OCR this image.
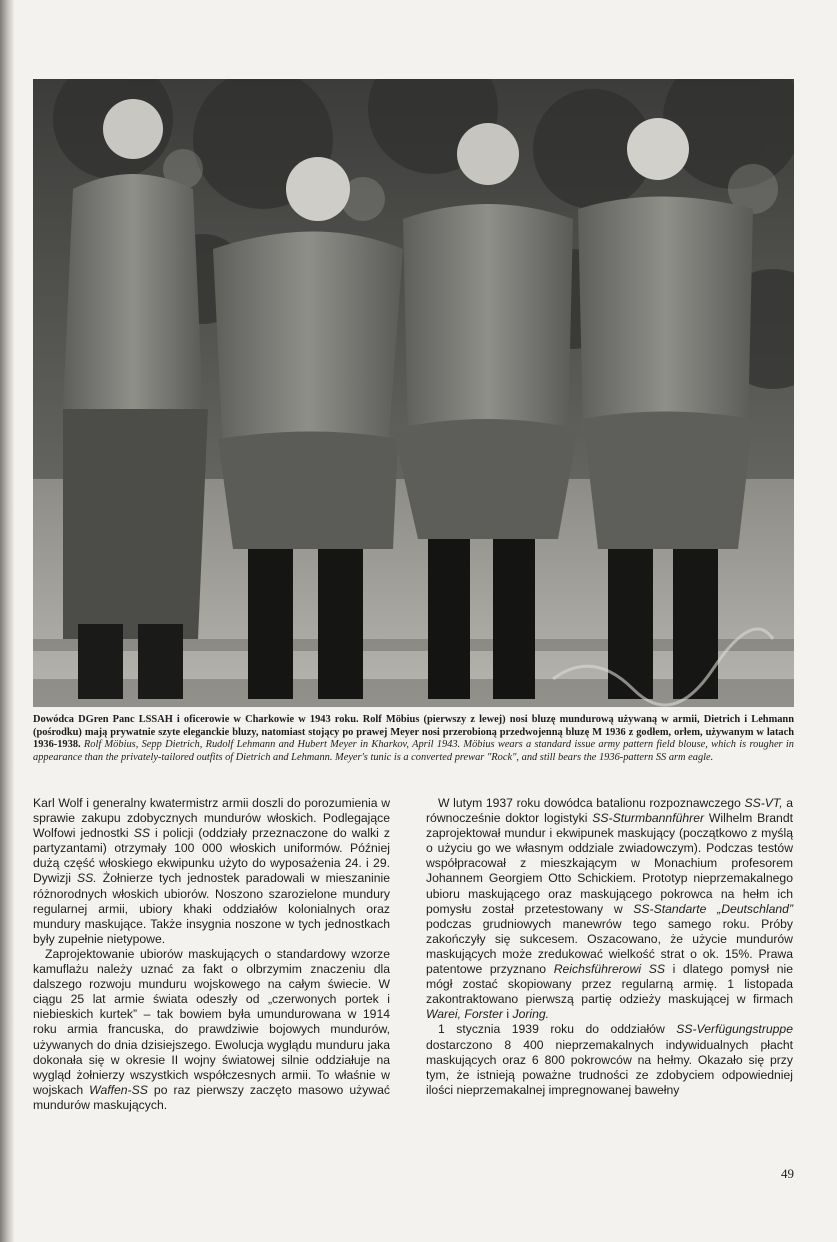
Dowódca DGren Panc LSSAH i oficerowie w Charkowie w 1943 roku. Rolf Möbius (pierwszy z lewej) nosi bluzę mundurową używaną w armii, Dietrich i Lehmann (pośrodku) mają prywatnie szyte eleganckie bluzy, natomiast stojący po prawej Meyer nosi przerobioną przedwojenną bluzę M 1936 z godłem, orłem, używanym w latach 1936-1938. Rolf Möbius, Sepp Dietrich, Rudolf Lehmann and Hubert Meyer in Kharkov, April 1943. Möbius wears a standard issue army pattern field blouse, which is rougher in appearance than the privately-tailored outfits of Dietrich and Lehmann. Meyer's tunic is a converted prewar "Rock", and still bears the 1936-pattern SS arm eagle.

Karl Wolf i generalny kwatermistrz armii doszli do porozumienia w sprawie zakupu zdobycznych mundurów włoskich. Podlegające Wolfowi jednostki SS i policji (oddziały przeznaczone do walki z partyzantami) otrzymały 100 000 włoskich uniformów. Później dużą część włoskiego ekwipunku użyto do wyposażenia 24. i 29. Dywizji SS. Żołnierze tych jednostek paradowali w mieszaninie różnorodnych włoskich ubiorów. Noszono szarozielone mundury regularnej armii, ubiory khaki oddziałów kolonialnych oraz mundury maskujące. Także insygnia noszone w tych jednostkach były zupełnie nietypowe.

Zaprojektowanie ubiorów maskujących o standardowy wzorze kamuflażu należy uznać za fakt o olbrzymim znaczeniu dla dalszego rozwoju munduru wojskowego na całym świecie. W ciągu 25 lat armie świata odeszły od „czerwonych portek i niebieskich kurtek” – tak bowiem była umundurowana w 1914 roku armia francuska, do prawdziwie bojowych mundurów, używanych do dnia dzisiejszego. Ewolucja wyglądu munduru jaka dokonała się w okresie II wojny światowej silnie oddziałuje na wygląd żołnierzy wszystkich współczesnych armii. To właśnie w wojskach Waffen-SS po raz pierwszy zaczęto masowo używać mundurów maskujących.

W lutym 1937 roku dowódca batalionu rozpoznawczego SS-VT, a równocześnie doktor logistyki SS-Sturmbannführer Wilhelm Brandt zaprojektował mundur i ekwipunek maskujący (początkowo z myślą o użyciu go we własnym oddziale zwiadowczym). Podczas testów współpracował z mieszkającym w Monachium profesorem Johannem Georgiem Otto Schickiem. Prototyp nieprzemakalnego ubioru maskującego oraz maskującego pokrowca na hełm ich pomysłu został przetestowany w SS-Standarte „Deutschland” podczas grudniowych manewrów tego samego roku. Próby zakończyły się sukcesem. Oszacowano, że użycie mundurów maskujących może zredukować wielkość strat o ok. 15%. Prawa patentowe przyznano Reichsführerowi SS i dlatego pomysł nie mógł zostać skopiowany przez regularną armię. 1 listopada zakontraktowano pierwszą partię odzieży maskującej w firmach Warei, Forster i Joring.

1 stycznia 1939 roku do oddziałów SS-Verfügungstruppe dostarczono 8 400 nieprzemakalnych indywidualnych płacht maskujących oraz 6 800 pokrowców na hełmy. Okazało się przy tym, że istnieją poważne trudności ze zdobyciem odpowiedniej ilości nieprzemakalnej impregnowanej bawełny

49
